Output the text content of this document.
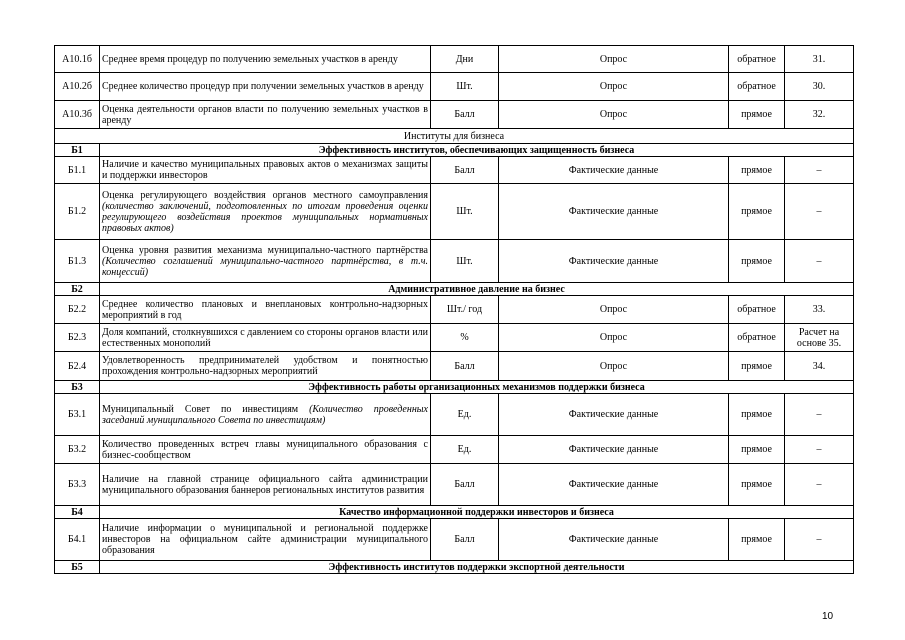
А10.1б	Среднее время процедур по получению земельных участков в аренду	Дни	Опрос	обратное	31.
А10.2б	Среднее количество процедур при получении земельных участков в аренду	Шт.	Опрос	обратное	30.
А10.3б	Оценка деятельности органов власти по получению земельных участков в аренду	Балл	Опрос	прямое	32.
Институты для бизнеса					
Б1	Эффективность институтов, обеспечивающих защищенность бизнеса				
Б1.1	Наличие и качество муниципальных правовых актов о механизмах защиты и поддержки инвесторов	Балл	Фактические данные	прямое	–
Б1.2	Оценка регулирующего воздействия органов местного самоуправления (количество заключений, подготовленных по итогам проведения оценки регулирующего воздействия проектов муниципальных нормативных правовых актов)	Шт.	Фактические данные	прямое	–
Б1.3	Оценка уровня развития механизма муниципально-частного партнёрства (Количество соглашений муниципально-частного партнёрства, в т.ч. концессий)	Шт.	Фактические данные	прямое	–
Б2	Административное давление на бизнес				
Б2.2	Среднее количество плановых и внеплановых контрольно-надзорных мероприятий в год	Шт./ год	Опрос	обратное	33.
Б2.3	Доля компаний, столкнувшихся с давлением со стороны органов власти или естественных монополий	%	Опрос	обратное	Расчет на основе 35.
Б2.4	Удовлетворенность предпринимателей удобством и понятностью прохождения контрольно-надзорных мероприятий	Балл	Опрос	прямое	34.
Б3	Эффективность работы организационных механизмов поддержки бизнеса				
Б3.1	Муниципальный Совет по инвестициям (Количество проведенных заседаний муниципального Совета по инвестициям)	Ед.	Фактические данные	прямое	–
Б3.2	Количество проведенных встреч главы муниципального образования с бизнес-сообществом	Ед.	Фактические данные	прямое	–
Б3.3	Наличие на главной странице официального сайта администрации муниципального образования баннеров региональных институтов развития	Балл	Фактические данные	прямое	–
Б4	Качество информационной поддержки инвесторов и бизнеса				
Б4.1	Наличие информации о муниципальной и региональной поддержке инвесторов на официальном сайте администрации муниципального образования	Балл	Фактические данные	прямое	–
Б5	Эффективность институтов поддержки экспортной деятельности				
10
